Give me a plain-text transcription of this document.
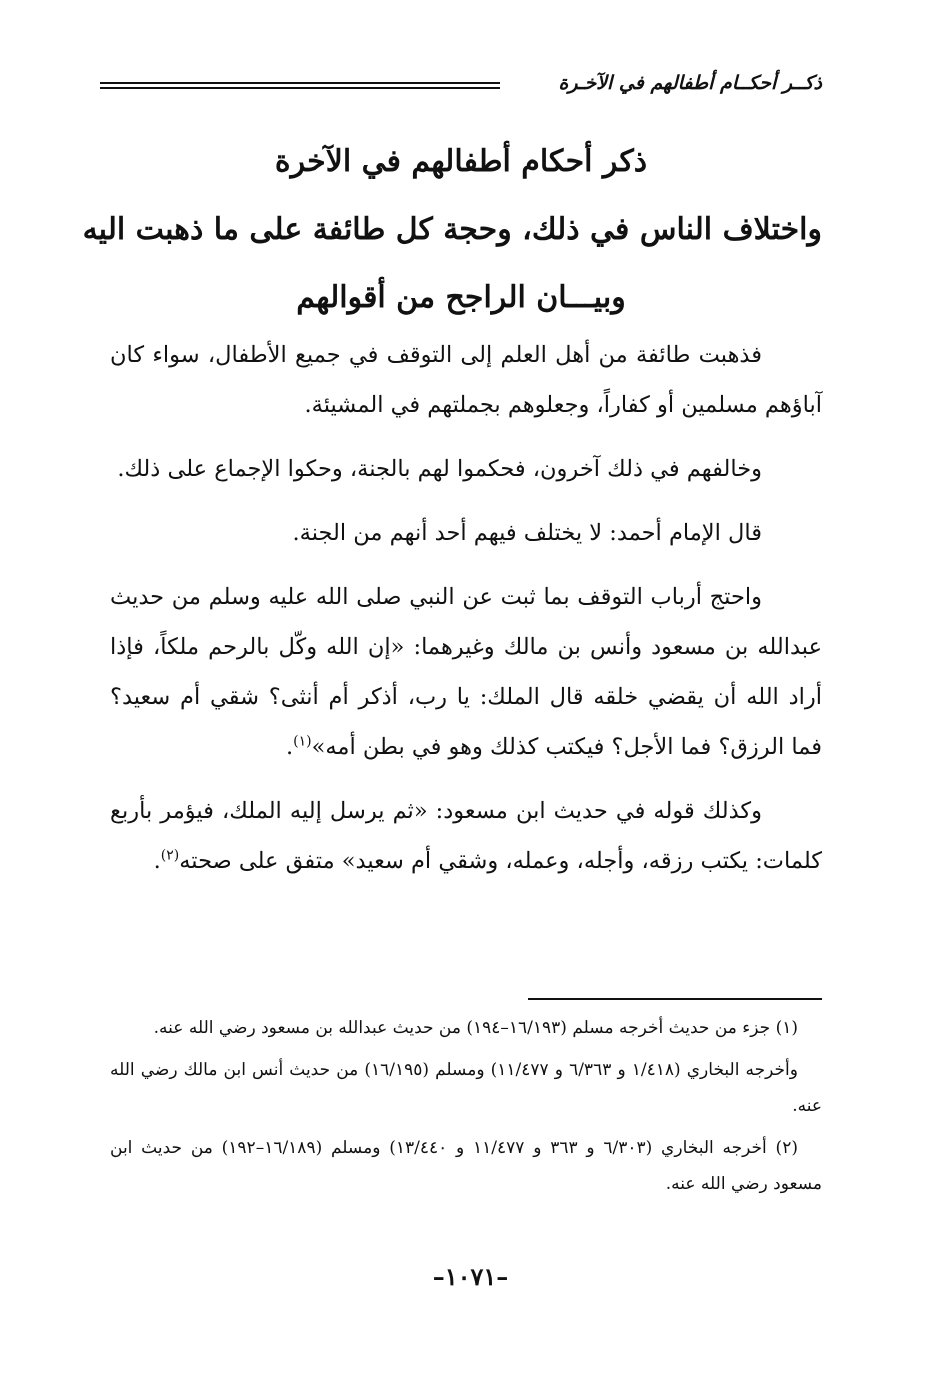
ذكــر أحكــام أطفالهم في الآخـرة
ذكر أحكام أطفالهم في الآخرة
واختلاف الناس في ذلك، وحجة كل طائفة على ما ذهبت اليه
وبيـــان الراجح من أقوالهم

فذهبت طائفة من أهل العلم إلى التوقف في جميع الأطفال، سواء كان آباؤهم مسلمين أو كفاراً، وجعلوهم بجملتهم في المشيئة.

وخالفهم في ذلك آخرون، فحكموا لهم بالجنة، وحكوا الإجماع على ذلك.

قال الإمام أحمد: لا يختلف فيهم أحد أنهم من الجنة.

واحتج أرباب التوقف بما ثبت عن النبي صلى الله عليه وسلم من حديث عبدالله بن مسعود وأنس بن مالك وغيرهما: «إن الله وكّل بالرحم ملكاً، فإذا أراد الله أن يقضي خلقه قال الملك: يا رب، أذكر أم أنثى؟ شقي أم سعيد؟ فما الرزق؟ فما الأجل؟ فيكتب كذلك وهو في بطن أمه»$^{(١)}$.

وكذلك قوله في حديث ابن مسعود: «ثم يرسل إليه الملك، فيؤمر بأربع كلمات: يكتب رزقه، وأجله، وعمله، وشقي أم سعيد» متفق على صحته$^{(٢)}$.

(١) جزء من حديث أخرجه مسلم (١٦/١٩٣–١٩٤) من حديث عبدالله بن مسعود رضي الله عنه.

وأخرجه البخاري (١/٤١٨ و ٦/٣٦٣ و ١١/٤٧٧) ومسلم (١٦/١٩٥) من حديث أنس ابن مالك رضي الله عنه.

(٢) أخرجه البخاري (٦/٣٠٣ و ٣٦٣ و ١١/٤٧٧ و ١٣/٤٤٠) ومسلم (١٦/١٨٩–١٩٢) من حديث ابن مسعود رضي الله عنه.

–١٠٧١–
